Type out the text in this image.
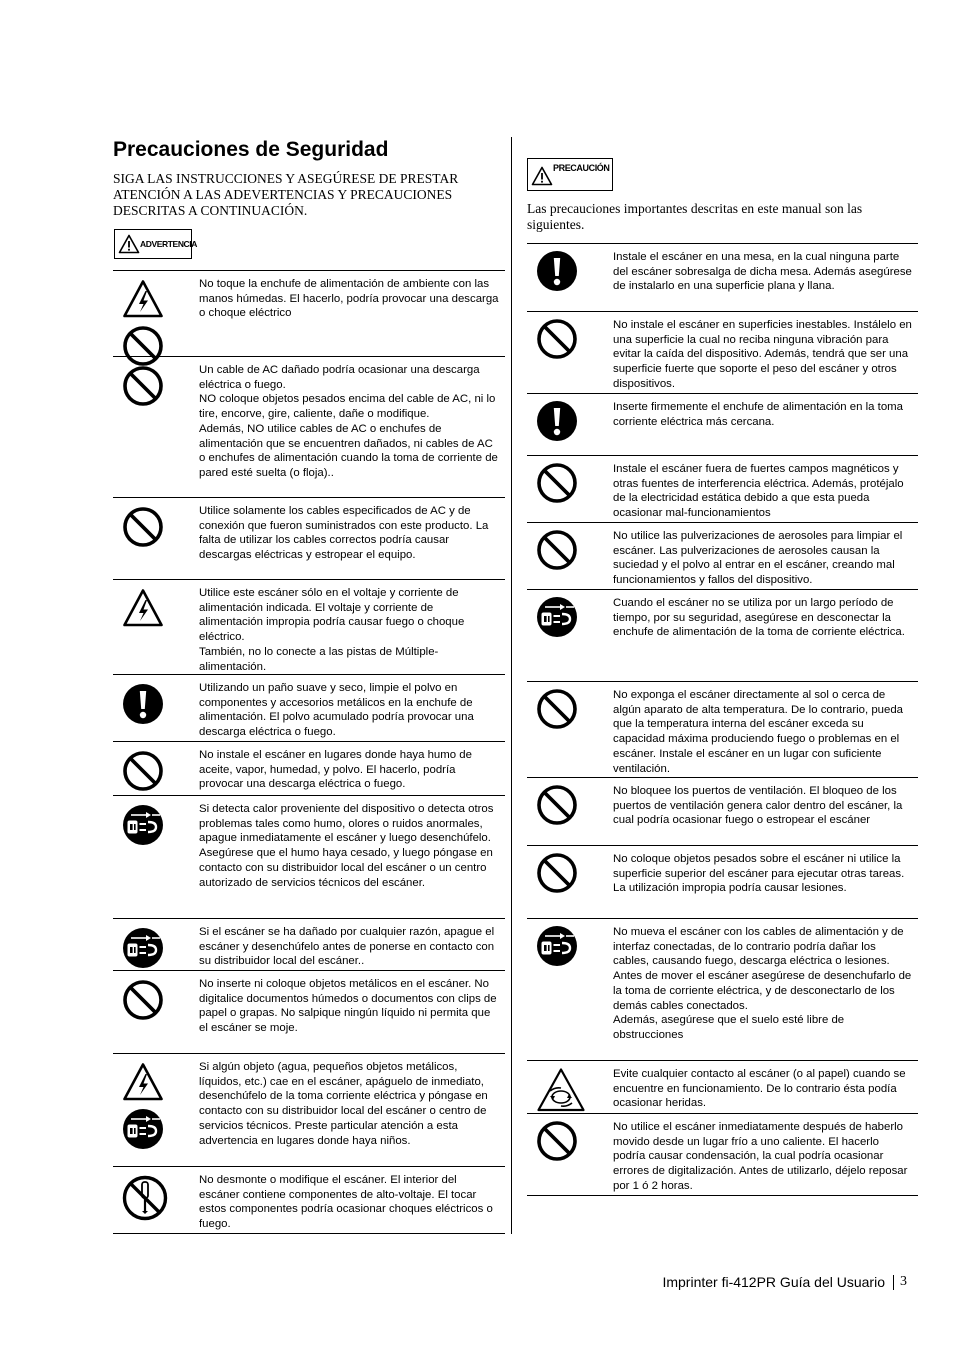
Precauciones de Seguridad
SIGA LAS INSTRUCCIONES Y ASEGÚRESE DE PRESTAR ATENCIÓN A LAS ADEVERTENCIAS Y PRECAUCIONES DESCRITAS A CONTINUACIÓN.
ADVERTENCIA
No toque la enchufe de alimentación de ambiente con las manos húmedas. El hacerlo, podría provocar una descarga o choque eléctrico
Un cable de AC dañado podría ocasionar una descarga eléctrica o fuego.
NO coloque objetos pesados encima del cable de AC, ni lo tire, encorve, gire, caliente, dañe o modifique.
Además, NO utilice cables de AC o enchufes de alimentación que se encuentren dañados, ni cables de AC o enchufes de alimentación cuando la toma de corriente de pared esté suelta (o floja)..
Utilice solamente los cables especificados de AC y de conexión que fueron suministrados con este producto. La falta de utilizar los cables correctos podría causar descargas eléctricas y estropear el equipo.
Utilice este escáner sólo en el voltaje y corriente de alimentación indicada. El voltaje y corriente de alimentación impropia podría causar fuego o choque eléctrico.
También, no lo conecte a las pistas de Múltiple-alimentación.
Utilizando un paño suave y seco, limpie el polvo en componentes y accesorios metálicos en la enchufe de alimentación. El polvo acumulado podría provocar una descarga eléctrica o fuego.
No instale el escáner en lugares donde haya humo de aceite, vapor, humedad, y polvo. El hacerlo, podría provocar una descarga eléctrica o fuego.
Si detecta calor proveniente del dispositivo o detecta otros problemas tales como humo, olores o ruidos anormales, apague inmediatamente el escáner y luego desenchúfelo.
Asegúrese que el humo haya cesado, y luego póngase en contacto con su distribuidor local del escáner o un centro autorizado de servicios técnicos del escáner.
Si el escáner se ha dañado por cualquier razón, apague el escáner y desenchúfelo antes de ponerse en contacto con su distribuidor local del escáner..
No inserte ni coloque objetos metálicos en el escáner. No digitalice documentos húmedos o documentos con clips de papel o grapas. No salpique ningún líquido ni permita que el escáner se moje.
Si algún objeto (agua, pequeños objetos metálicos, líquidos, etc.) cae en el escáner, apáguelo de inmediato, desenchúfelo de la toma corriente eléctrica y póngase en contacto con su distribuidor local del escáner o centro de servicios técnicos. Preste particular atención a esta advertencia en lugares donde haya niños.
No desmonte o modifique el escáner. El interior del escáner contiene componentes de alto-voltaje. El tocar estos componentes podría ocasionar choques eléctricos o fuego.
PRECAUCIÓN
Las precauciones importantes descritas en este manual son las siguientes.
Instale el escáner en una mesa, en la cual ninguna parte del escáner sobresalga de dicha mesa. Además asegúrese de instalarlo en una superficie plana y llana.
No instale el escáner en superficies inestables. Instálelo en una superficie la cual no reciba ninguna vibración para evitar la caída del dispositivo. Además, tendrá que ser una superficie fuerte que soporte el peso del escáner y otros dispositivos.
Inserte firmemente el enchufe de alimentación en la toma corriente eléctrica más cercana.
Instale el escáner fuera de fuertes campos magnéticos y otras fuentes de interferencia eléctrica. Además, protéjalo de la electricidad estática debido a que esta pueda ocasionar mal-funcionamientos
No utilice las pulverizaciones de aerosoles para limpiar el escáner. Las pulverizaciones de aerosoles causan la suciedad y el polvo al entrar en el escáner, creando mal funcionamientos y fallos del dispositivo.
Cuando el escáner no se utiliza por un largo período de tiempo, por su seguridad, asegúrese en desconectar la enchufe de alimentación de la toma de corriente eléctrica.
No exponga el escáner directamente al sol o cerca de algún aparato de alta temperatura. De lo contrario, pueda que la temperatura interna del escáner exceda su capacidad máxima produciendo fuego o problemas en el escáner. Instale el escáner en un lugar con suficiente ventilación.
No bloquee los puertos de ventilación. El bloqueo de los puertos de ventilación genera calor dentro del escáner, la cual podría ocasionar fuego o estropear el escáner
No coloque objetos pesados sobre el escáner ni utilice la superficie superior del escáner para ejecutar otras tareas. La utilización impropia podría causar lesiones.
No mueva el escáner con los cables de alimentación y de interfaz conectadas, de lo contrario podría dañar los cables, causando fuego, descarga eléctrica o lesiones. Antes de mover el escáner asegúrese de desenchufarlo de la toma de corriente eléctrica, y de desconectarlo de los demás cables conectados.
Además, asegúrese que el suelo esté libre de obstrucciones
Evite cualquier contacto al escáner (o al papel) cuando se encuentre en funcionamiento. De lo contrario ésta podía ocasionar heridas.
No utilice el escáner inmediatamente después de haberlo movido desde un lugar frío a uno caliente. El hacerlo podría causar condensación, la cual podría ocasionar errores de digitalización. Antes de utilizarlo, déjelo reposar por 1 ó 2 horas.
Imprinter fi-412PR Guía del Usuario 3
